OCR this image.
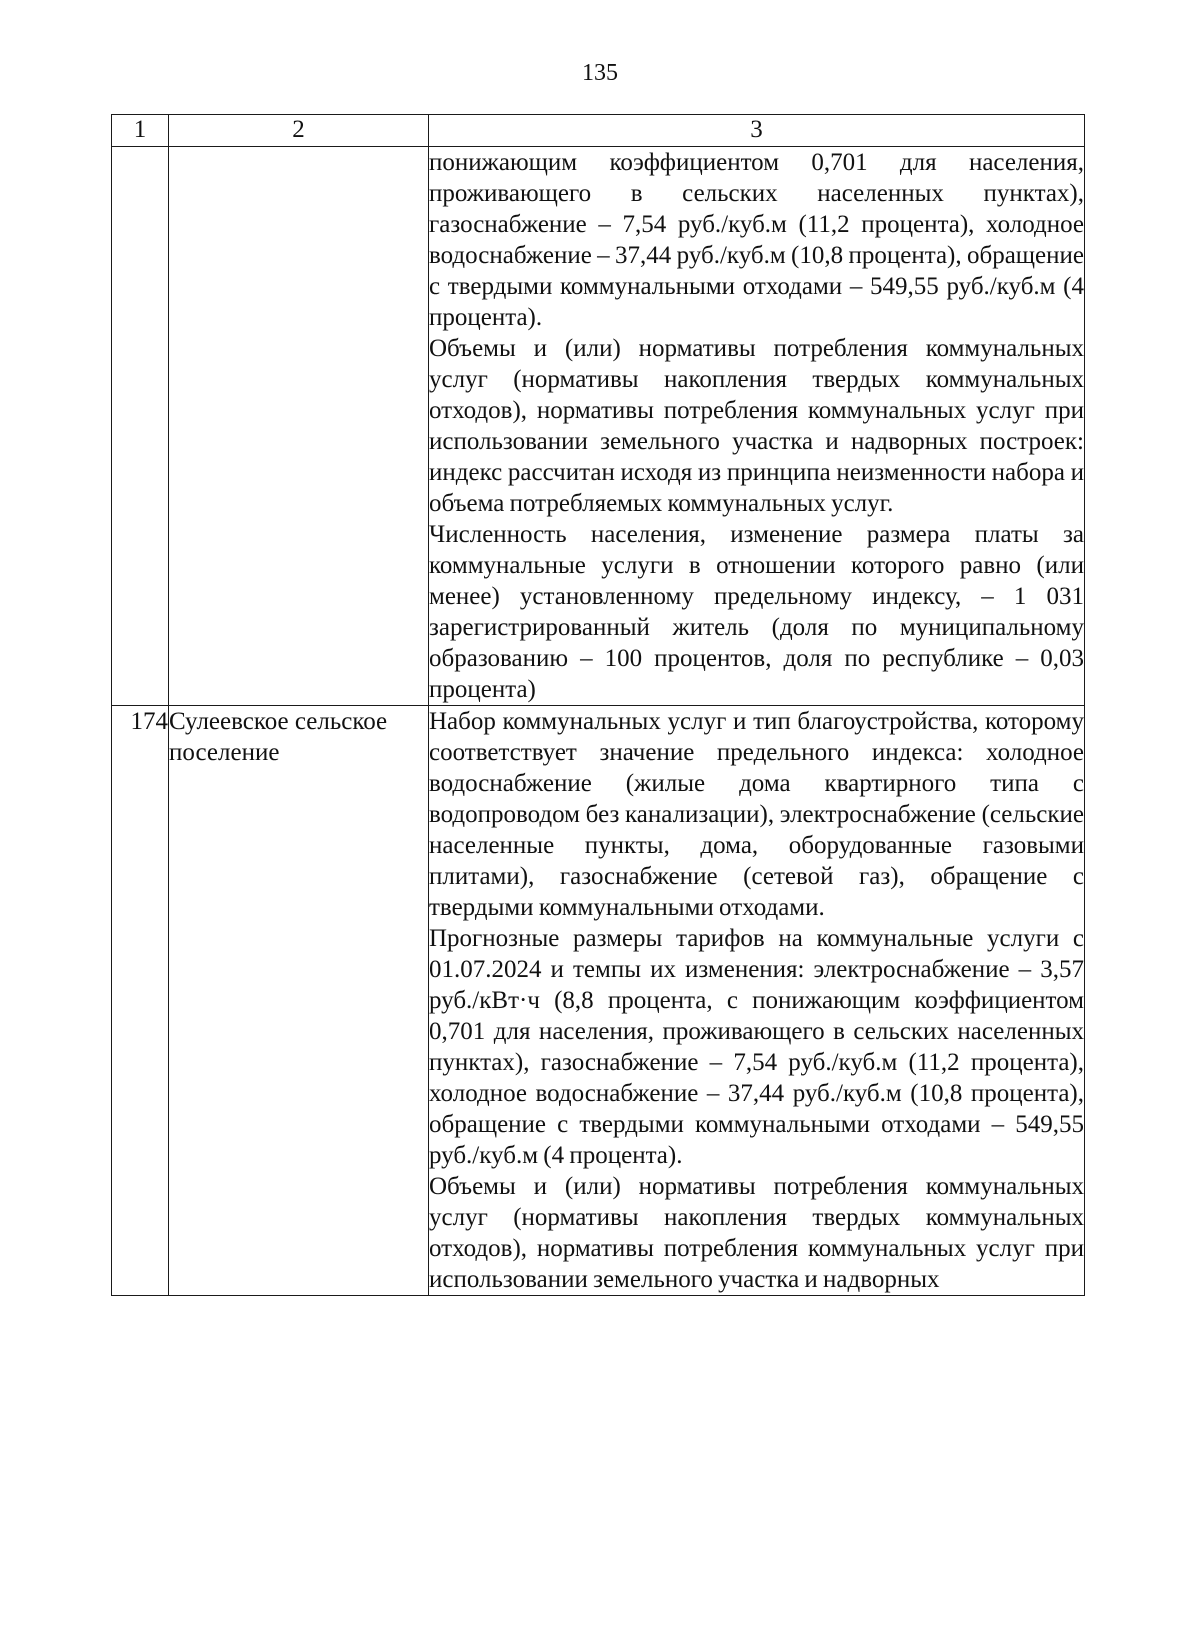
135
1	2	3

		понижающим коэффициентом 0,701 для населения, проживающего в сельских населенных пунктах), газоснабжение – 7,54 руб./куб.м (11,2 процента), холодное водоснабжение – 37,44 руб./куб.м (10,8 процента), обращение с твердыми коммунальными отходами – 549,55 руб./куб.м (4 процента).
Объемы и (или) нормативы потребления коммунальных услуг (нормативы накопления твердых коммунальных отходов), нормативы потребления коммунальных услуг при использовании земельного участка и надворных построек: индекс рассчитан исходя из принципа неизменности набора и объема потребляемых коммунальных услуг.
Численность населения, изменение размера платы за коммунальные услуги в отношении которого равно (или менее) установленному предельному индексу, – 1 031 зарегистрированный житель (доля по муниципальному образованию – 100 процентов, доля по республике – 0,03 процента)

174	Сулеевское сельское поселение	Набор коммунальных услуг и тип благоустройства, которому соответствует значение предельного индекса: холодное водоснабжение (жилые дома квартирного типа с водопроводом без канализации), электроснабжение (сельские населенные пункты, дома, оборудованные газовыми плитами), газоснабжение (сетевой газ), обращение с твердыми коммунальными отходами.
Прогнозные размеры тарифов на коммунальные услуги с 01.07.2024 и темпы их изменения: электроснабжение – 3,57 руб./кВт·ч (8,8 процента, с понижающим коэффициентом 0,701 для населения, проживающего в сельских населенных пунктах), газоснабжение – 7,54 руб./куб.м (11,2 процента), холодное водоснабжение – 37,44 руб./куб.м (10,8 процента), обращение с твердыми коммунальными отходами – 549,55 руб./куб.м (4 процента).
Объемы и (или) нормативы потребления коммунальных услуг (нормативы накопления твердых коммунальных отходов), нормативы потребления коммунальных услуг при использовании земельного участка и надворных
